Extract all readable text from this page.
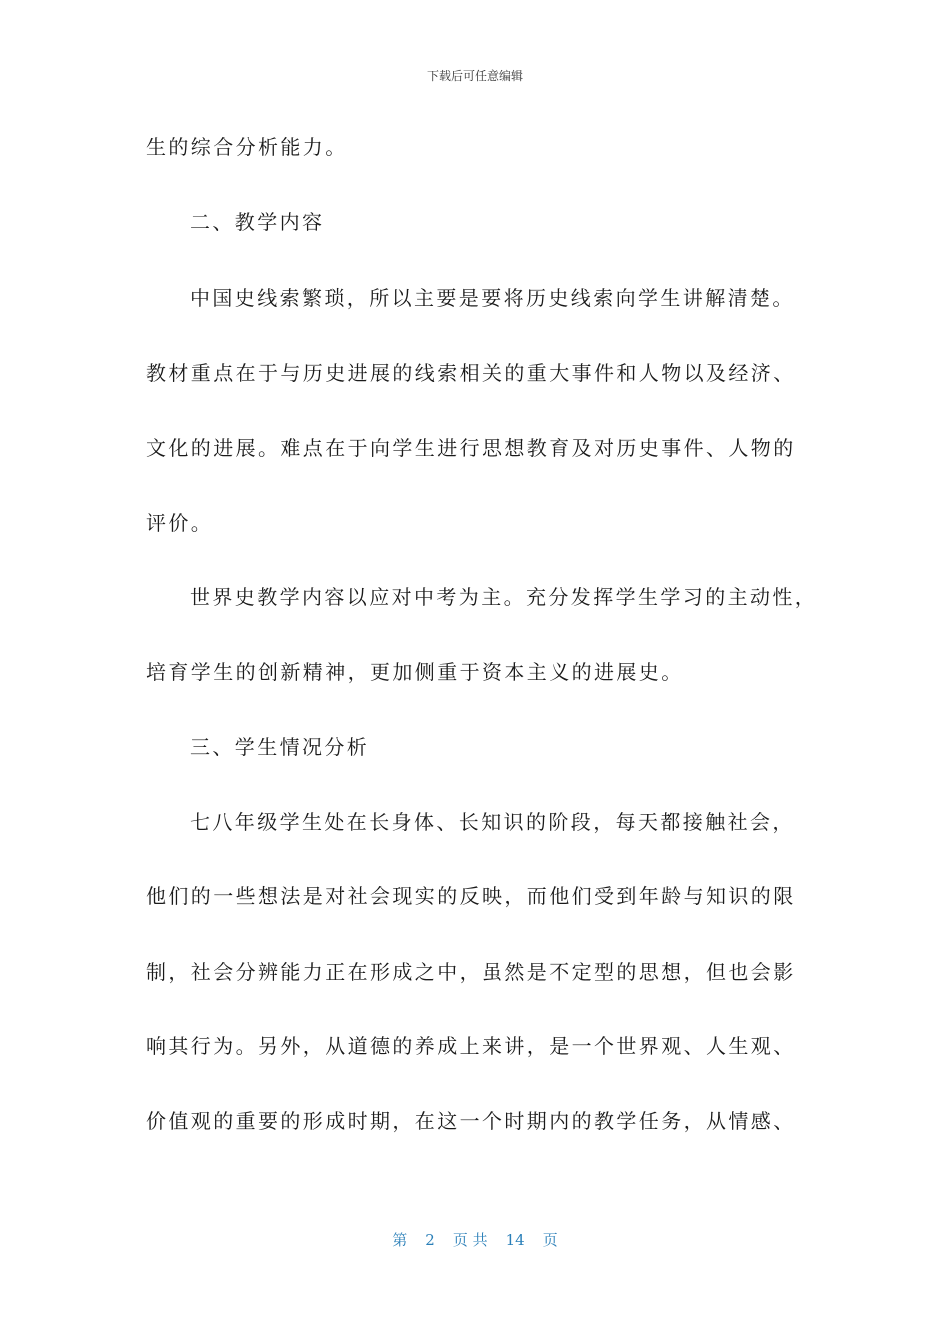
下载后可任意编辑
生的综合分析能力。
二、教学内容
中国史线索繁琐，所以主要是要将历史线索向学生讲解清楚。
教材重点在于与历史进展的线索相关的重大事件和人物以及经济、
文化的进展。难点在于向学生进行思想教育及对历史事件、人物的
评价。
世界史教学内容以应对中考为主。充分发挥学生学习的主动性，
培育学生的创新精神，更加侧重于资本主义的进展史。
三、学生情况分析
七八年级学生处在长身体、长知识的阶段，每天都接触社会，
他们的一些想法是对社会现实的反映，而他们受到年龄与知识的限
制，社会分辨能力正在形成之中，虽然是不定型的思想，但也会影
响其行为。另外，从道德的养成上来讲，是一个世界观、人生观、
价值观的重要的形成时期，在这一个时期内的教学任务，从情感、
第 2 页 共 14 页
